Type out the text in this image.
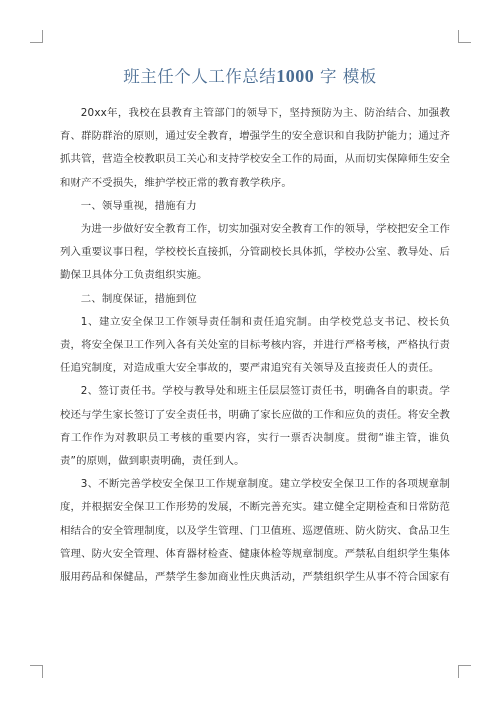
班主任个人工作总结1000 字 模板

20xx年，我校在县教育主管部门的领导下，坚持预防为主、防治结合、加强教育、群防群治的原则，通过安全教育，增强学生的安全意识和自我防护能力；通过齐抓共管，营造全校教职员工关心和支持学校安全工作的局面，从而切实保障师生安全和财产不受损失，维护学校正常的教育教学秩序。

一、领导重视，措施有力

为进一步做好安全教育工作，切实加强对安全教育工作的领导，学校把安全工作列入重要议事日程，学校校长直接抓，分管副校长具体抓，学校办公室、教导处、后勤保卫具体分工负责组织实施。

二、制度保证，措施到位

1、建立安全保卫工作领导责任制和责任追究制。由学校党总支书记、校长负责，将安全保卫工作列入各有关处室的目标考核内容，并进行严格考核，严格执行责任追究制度，对造成重大安全事故的，要严肃追究有关领导及直接责任人的责任。

2、签订责任书。学校与教导处和班主任层层签订责任书，明确各自的职责。学校还与学生家长签订了安全责任书，明确了家长应做的工作和应负的责任。将安全教育工作作为对教职员工考核的重要内容，实行一票否决制度。贯彻“谁主管，谁负责”的原则，做到职责明确，责任到人。

3、不断完善学校安全保卫工作规章制度。建立学校安全保卫工作的各项规章制度，并根据安全保卫工作形势的发展，不断完善充实。建立健全定期检查和日常防范相结合的安全管理制度，以及学生管理、门卫值班、巡逻值班、防火防灾、食品卫生管理、防火安全管理、体育器材检查、健康体检等规章制度。严禁私自组织学生集体服用药品和保健品，严禁学生参加商业性庆典活动，严禁组织学生从事不符合国家有
